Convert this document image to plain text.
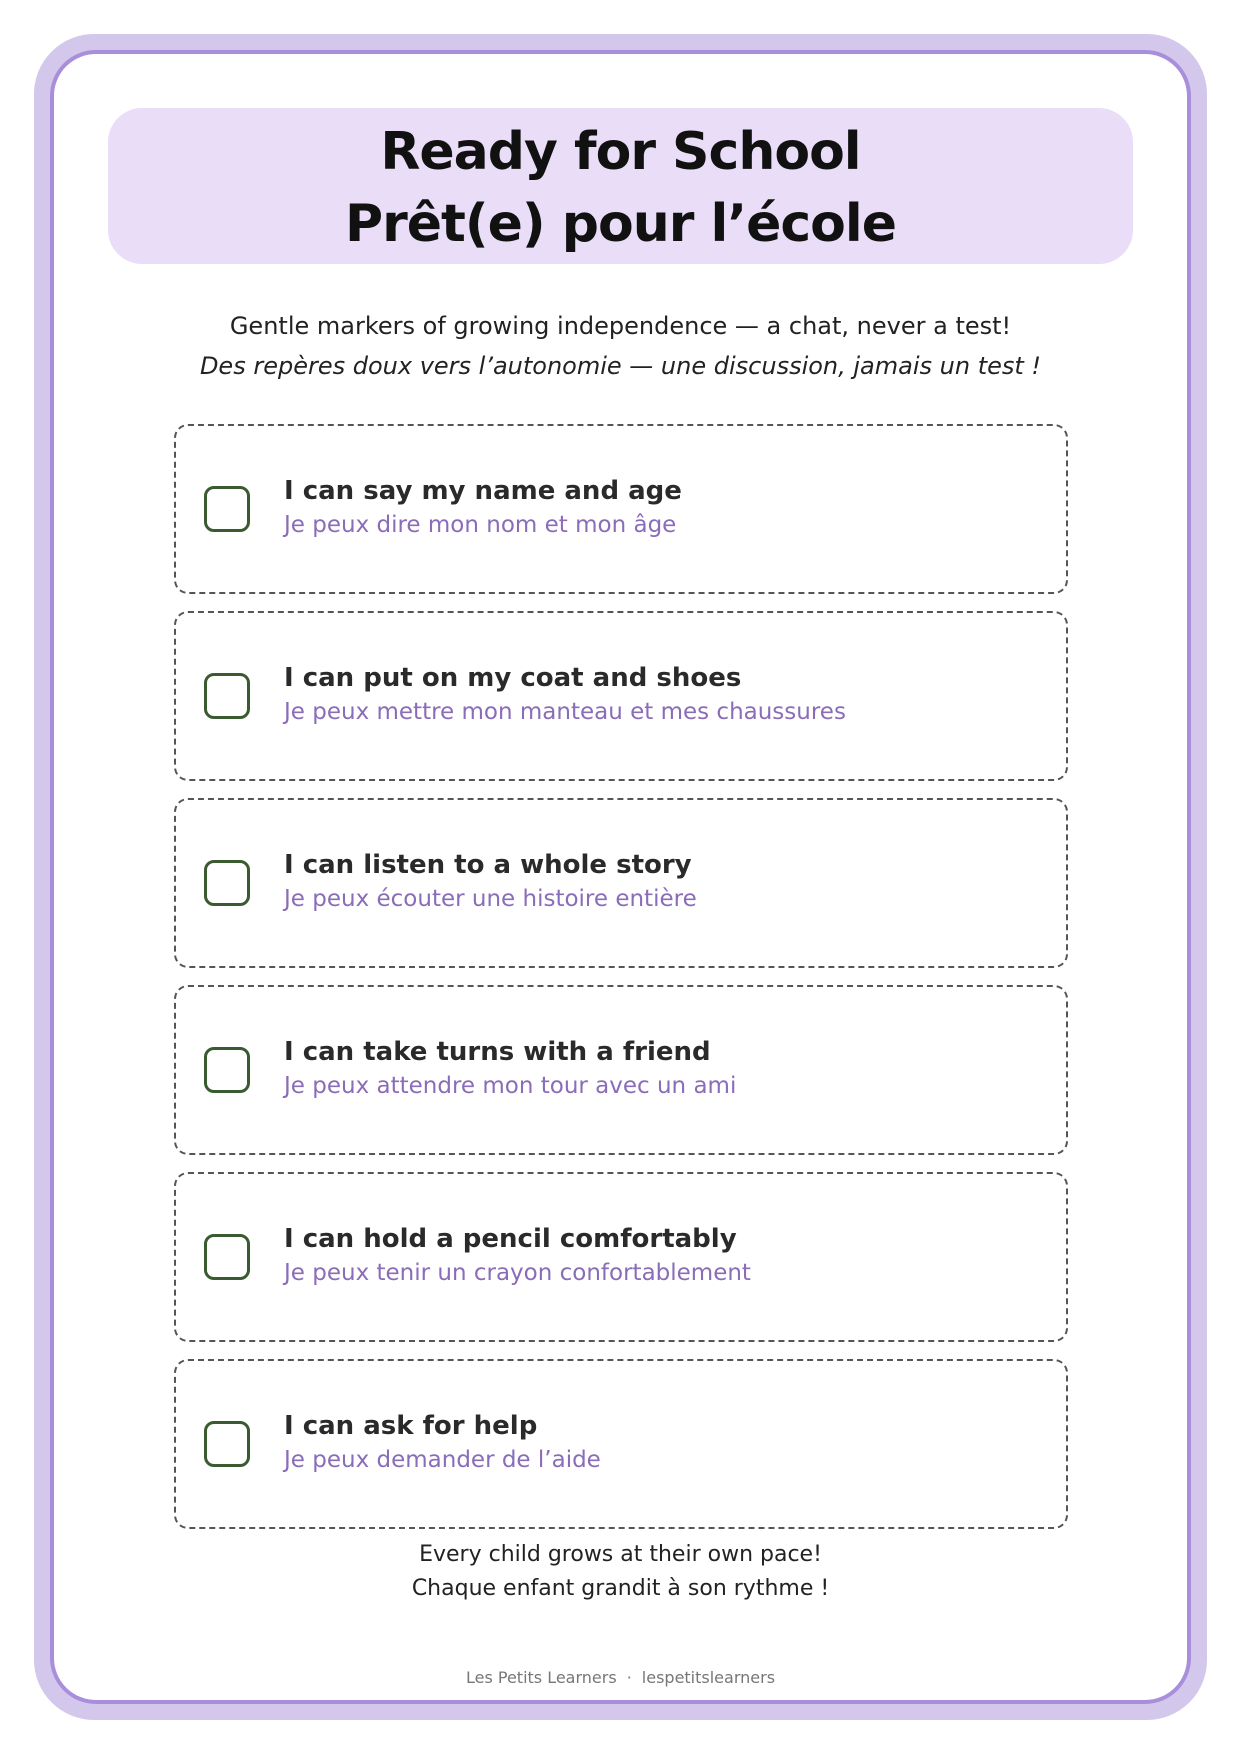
Ready for School
Prêt(e) pour l’école
Gentle markers of growing independence — a chat, never a test!
Des repères doux vers l’autonomie — une discussion, jamais un test !
I can say my name and age
Je peux dire mon nom et mon âge
I can put on my coat and shoes
Je peux mettre mon manteau et mes chaussures
I can listen to a whole story
Je peux écouter une histoire entière
I can take turns with a friend
Je peux attendre mon tour avec un ami
I can hold a pencil comfortably
Je peux tenir un crayon confortablement
I can ask for help
Je peux demander de l’aide
Every child grows at their own pace!
Chaque enfant grandit à son rythme !
Les Petits Learners · lespetitslearners
